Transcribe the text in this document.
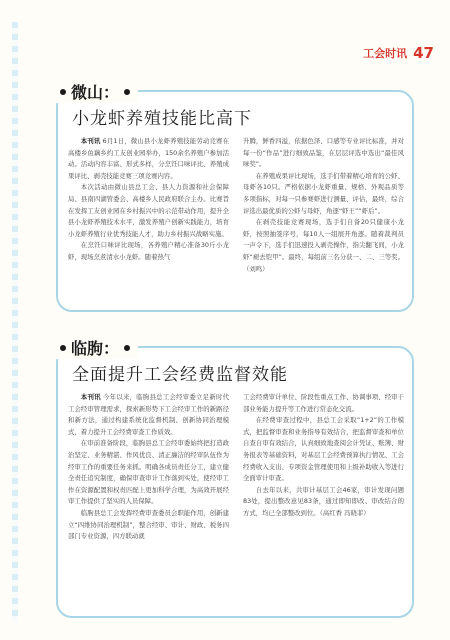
工会时讯 47
微山：
小龙虾养殖技能比高下

本刊讯 6月1日，微山县小龙虾养殖技能劳动竞赛在高楼乡鱼藕乡约工友创业园举办，150余名养殖户参加活动。活动内容丰富、形式多样，分烹饪口味评比、养殖成果评比、剥壳技能竞赛三项竞赛内容。

本次活动由微山县总工会、县人力资源和社会保障局、县南四湖管委会、高楼乡人民政府联合主办。比赛旨在发挥工友创业园在乡村振兴中的示范带动作用，提升全县小龙虾养殖技术水平，激发养殖户创新实践能力，培育小龙虾养殖行业优秀技能人才，助力乡村振兴战略实施。

在烹饪口味评比现场，各养殖户精心准备30斤小龙虾，现场烹煮清水小龙虾。随着热气

升腾，鲜香四溢，依据色泽、口感等专业评比标准，并对每一份“作品”进行细致品鉴，在层层评选中选出“最佳风味奖”。

在养殖成果评比现场，选手们带着精心培育的公虾、母虾各10只。严格依据小龙虾重量、规格、外观品质等多项指标，对每一只参赛虾进行测量、评估，最终，综合评选出最优质的公虾与母虾，角逐“虾王”“虾后”。

在剥壳技能竞赛现场，选手们自备20只健康小龙虾，按照抽签序号，每10人一组展开角逐。随着裁判员一声令下，选手们迅速投入剥壳操作，指尖翻飞间，小龙虾“褪去铠甲”。最终，每组前三名分获一、二、三等奖。（刘鸣）

临朐：
全面提升工会经费监督效能

本刊讯 今年以来，临朐县总工会经审委立足新时代工会经审管理需求，探索新形势下工会经审工作的新路径和新方法，通过构建系统化监督机制、创新协同治理模式，着力提升工会经费审查工作质效。

在审前准备阶段，临朐县总工会经审委始终把打造政治坚定、业务精湛、作风优良、清正廉洁的经审队伍作为经审工作的重要任务来抓。明确各成员责任分工，建立健全责任追究制度，确保审查审计工作落到实处，使经审工作在资源配置和权责匹配上更加科学合理，为高效开展经审工作提供了坚实的人员保障。

临朐县总工会发挥经费审查委员会职能作用，创新建立“四维协同治理机制”，整合经审、审计、财政、税务四部门专业资源，四方联动就

工会经费审计单位、阶段性重点工作、协调事项、经审干部业务能力提升等工作进行常态化交流。

在经费审查过程中，县总工会采取“1+2”的工作模式，把监督审查和业务指导有效结合，把监督审查和单位自查自审有效结合，认真细致地查阅会计凭证、账簿、财务报表等基础资料，对基层工会经费预算执行情况、工会经费收入支出、专项资金管理使用和上级补助收入等进行全面审计审查。

自去年以来，共审计基层工会46家，审计发现问题83处，提出整改意见83条，通过即知即改、审改结合的方式，均已全部整改到位。（高红香 冯晓菲）
